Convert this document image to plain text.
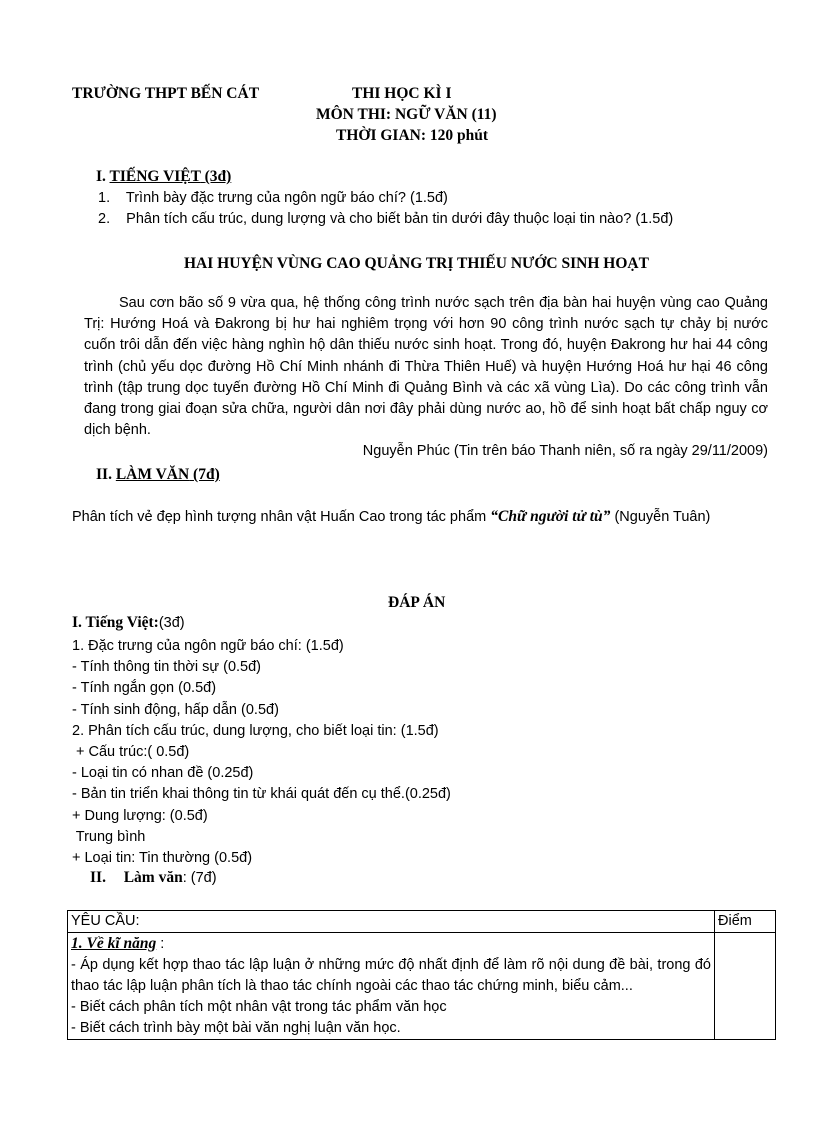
TRƯỜNG THPT BẾN CÁT	THI HỌC KÌ I
MÔN THI: NGỮ VĂN (11)
THỜI GIAN: 120 phút
I. TIẾNG VIỆT (3đ)
1. Trình bày đặc trưng của ngôn ngữ báo chí? (1.5đ)
2. Phân tích cấu trúc, dung lượng và cho biết bản tin dưới đây thuộc loại tin nào? (1.5đ)
HAI HUYỆN VÙNG CAO QUẢNG TRỊ THIẾU NƯỚC SINH HOẠT
Sau cơn bão số 9 vừa qua, hệ thống công trình nước sạch trên địa bàn hai huyện vùng cao Quảng Trị: Hướng Hoá và Đakrong bị hư hai nghiêm trọng với hơn 90 công trình nước sạch tự chảy bị nước cuốn trôi dẫn đến việc hàng nghìn hộ dân thiếu nước sinh hoạt. Trong đó, huyện Đakrong hư hai 44 công trình (chủ yếu dọc đường Hồ Chí Minh nhánh đi Thừa Thiên Huế) và huyện Hướng Hoá hư hại 46 công trình (tập trung dọc tuyến đường Hồ Chí Minh đi Quảng Bình và các xã vùng Lìa). Do các công trình vẫn đang trong giai đoạn sửa chữa, người dân nơi đây phải dùng nước ao, hồ để sinh hoạt bất chấp nguy cơ dịch bệnh.
Nguyễn Phúc (Tin trên báo Thanh niên, số ra ngày 29/11/2009)
II. LÀM VĂN (7đ)
Phân tích vẻ đẹp hình tượng nhân vật Huấn Cao trong tác phẩm “Chữ người tử tù” (Nguyễn Tuân)
ĐÁP ÁN
I. Tiếng Việt:(3đ)
1. Đặc trưng của ngôn ngữ báo chí: (1.5đ)
- Tính thông tin thời sự (0.5đ)
- Tính ngắn gọn (0.5đ)
- Tính sinh động, hấp dẫn (0.5đ)
2. Phân tích cấu trúc, dung lượng, cho biết loại tin: (1.5đ)
+ Cấu trúc:( 0.5đ)
- Loại tin có nhan đề (0.25đ)
- Bản tin triển khai thông tin từ khái quát đến cụ thể.(0.25đ)
+ Dung lượng: (0.5đ)
Trung bình
+ Loại tin: Tin thường (0.5đ)
II. Làm văn: (7đ)
YÊU CẦU:	Điểm

1. Về kĩ năng :
- Áp dụng kết hợp thao tác lập luận ở những mức độ nhất định để làm rõ nội dung đề bài, trong đó thao tác lập luận phân tích là thao tác chính ngoài các thao tác chứng minh, biểu cảm...
- Biết cách phân tích một nhân vật trong tác phẩm văn học
- Biết cách trình bày một bài văn nghị luận văn học.	
